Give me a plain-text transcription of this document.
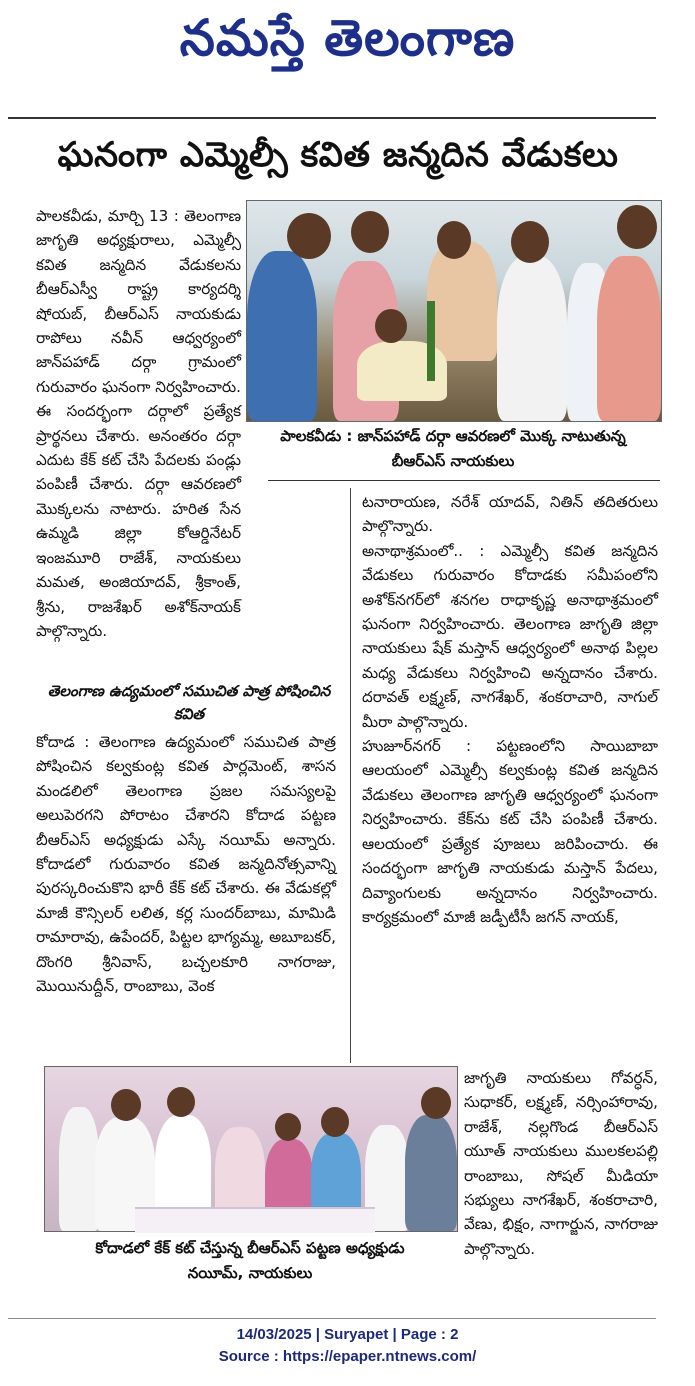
నమస్తే తెలంగాణ
ఘనంగా ఎమ్మెల్సీ కవిత జన్మదిన వేడుకలు

పాలకవీడు, మార్చి 13 : తెలంగాణ జాగృతి అధ్యక్షురాలు, ఎమ్మెల్సీ కవిత జన్మదిన వేడుకలను బీఆర్ఎస్వీ రాష్ట్ర కార్యదర్శి షోయబ్, బీఆర్ఎస్ నాయకుడు రాపోలు నవీన్ ఆధ్వర్యంలో జాన్‌పహాడ్ దర్గా గ్రామంలో గురువారం ఘనంగా నిర్వహించారు. ఈ సందర్భంగా దర్గాలో ప్రత్యేక ప్రార్థనలు చేశారు. అనంతరం దర్గా ఎదుట కేక్ కట్ చేసి పేదలకు పండ్లు పంపిణీ చేశారు. దర్గా ఆవరణలో మొక్కలను నాటారు. హరిత సేన ఉమ్మడి జిల్లా కోఆర్డినేటర్ ఇంజమూరి రాజేశ్, నాయకులు మమత, అంజియాదవ్, శ్రీకాంత్, శ్రీను, రాజశేఖర్ అశోక్‌నాయక్ పాల్గొన్నారు.

పాలకవీడు : జాన్‌పహాడ్ దర్గా ఆవరణలో మొక్క నాటుతున్న
బీఆర్ఎస్ నాయకులు
తెలంగాణ ఉద్యమంలో సముచిత పాత్ర పోషించిన కవిత

కోదాడ : తెలంగాణ ఉద్యమంలో సముచిత పాత్ర పోషించిన కల్వకుంట్ల కవిత పార్లమెంట్, శాసన మండలిలో తెలంగాణ ప్రజల సమస్యలపై అలుపెరగని పోరాటం చేశారని కోదాడ పట్టణ బీఆర్ఎస్ అధ్యక్షుడు ఎస్కే నయీమ్ అన్నారు. కోదాడలో గురువారం కవిత జన్మదినోత్సవాన్ని పురస్కరించుకొని భారీ కేక్ కట్ చేశారు. ఈ వేడుకల్లో మాజీ కౌన్సిలర్ లలిత, కర్ల సుందర్‌బాబు, మామిడి రామారావు, ఉపేందర్, పిట్టల భాగ్యమ్మ, అబూబకర్, దొంగరి శ్రీనివాస్, బచ్చలకూరి నాగరాజు, మొయినుద్దీన్, రాంబాబు, వెంక

టనారాయణ, నరేశ్ యాదవ్, నితిన్ తదితరులు పాల్గొన్నారు.

అనాథాశ్రమంలో.. : ఎమ్మెల్సీ కవిత జన్మదిన వేడుకలు గురువారం కోదాడకు సమీపంలోని అశోక్‌నగర్‌లో శనగల రాధాకృష్ణ అనాథాశ్రమంలో ఘనంగా నిర్వహించారు. తెలంగాణ జాగృతి జిల్లా నాయకులు షేక్ మస్తాన్ ఆధ్వర్యంలో అనాథ పిల్లల మధ్య వేడుకలు నిర్వహించి అన్నదానం చేశారు. దరావత్ లక్ష్మణ్, నాగశేఖర్, శంకరాచారి, నాగుల్ మీరా పాల్గొన్నారు.

హుజూర్‌నగర్ : పట్టణంలోని సాయిబాబా ఆలయంలో ఎమ్మెల్సీ కల్వకుంట్ల కవిత జన్మదిన వేడుకలు తెలంగాణ జాగృతి ఆధ్వర్యంలో ఘనంగా నిర్వహించారు. కేక్‌ను కట్ చేసి పంపిణీ చేశారు. ఆలయంలో ప్రత్యేక పూజలు జరిపించారు. ఈ సందర్భంగా జాగృతి నాయకుడు మస్తాన్ పేదలు, దివ్యాంగులకు అన్నదానం నిర్వహించారు. కార్యక్రమంలో మాజీ జడ్పీటీసీ జగన్ నాయక్,

కోదాడలో కేక్ కట్ చేస్తున్న బీఆర్ఎస్ పట్టణ అధ్యక్షుడు
నయీమ్, నాయకులు

జాగృతి నాయకులు గోవర్ధన్, సుధాకర్, లక్ష్మణ్, నర్సింహారావు, రాజేశ్, నల్లగొండ బీఆర్ఎస్ యూత్ నాయకులు ములకలపల్లి రాంబాబు, సోషల్ మీడియా సభ్యులు నాగశేఖర్, శంకరాచారి, వేణు, భిక్షం, నాగార్జున, నాగరాజు పాల్గొన్నారు.

14/03/2025 | Suryapet | Page : 2
Source : https://epaper.ntnews.com/
